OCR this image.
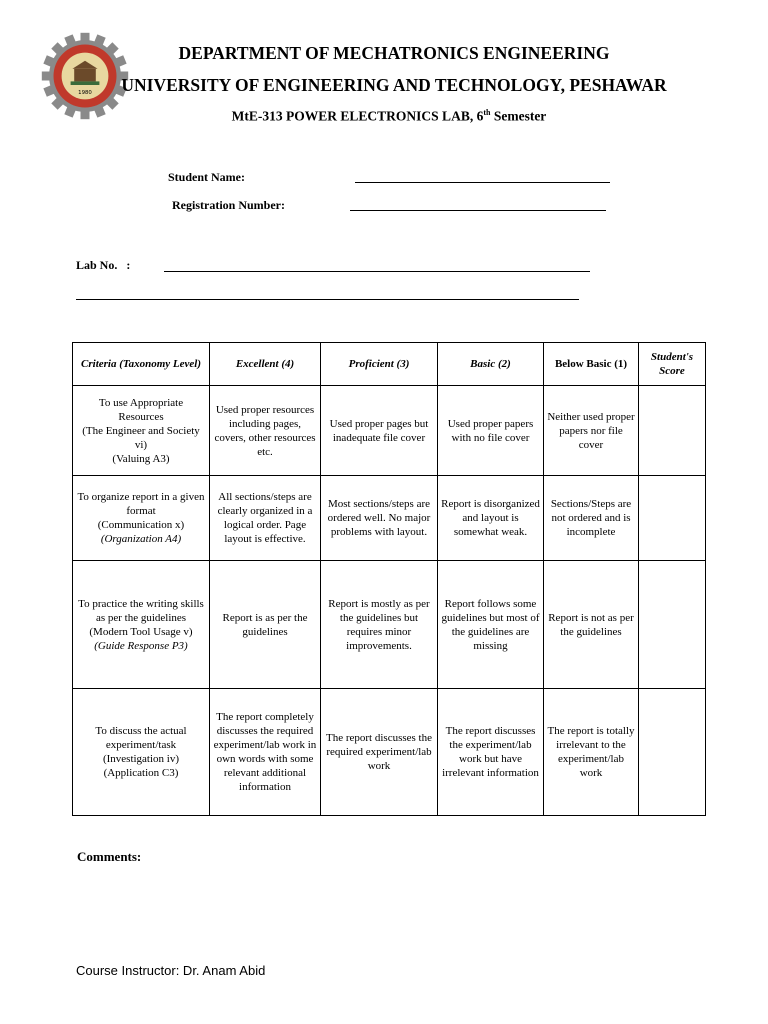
1980
DEPARTMENT OF MECHATRONICS ENGINEERING
UNIVERSITY OF ENGINEERING AND TECHNOLOGY, PESHAWAR
MtE-313 POWER ELECTRONICS LAB, 6th Semester
Student Name:
Registration Number:
Lab No.   :
Criteria (Taxonomy Level)	Excellent (4)	Proficient (3)	Basic (2)	Below Basic (1)	Student's Score

To use Appropriate Resources
(The Engineer and Society vi)
(Valuing A3)	Used proper resources including pages, covers, other resources etc.	Used proper pages but inadequate file cover	Used proper papers with no file cover	Neither used proper papers nor file cover	

To organize report in a given format
(Communication x)
(Organization A4)	All sections/steps are clearly organized in a logical order. Page layout is effective.	Most sections/steps are ordered well. No major problems with layout.	Report is disorganized and layout is somewhat weak.	Sections/Steps are not ordered and is incomplete	

To practice the writing skills as per the guidelines
(Modern Tool Usage v)
(Guide Response P3)	Report is as per the guidelines	Report is mostly as per the guidelines but requires minor improvements.	Report follows some guidelines but most of the guidelines are missing	Report is not as per the guidelines	

To discuss the actual experiment/task
(Investigation iv)
(Application C3)	The report completely discusses the required experiment/lab work in own words with some relevant additional information	The report discusses the required experiment/lab work	The report discusses the experiment/lab work but have irrelevant information	The report is totally irrelevant to the experiment/lab work	
Comments:
Course Instructor: Dr. Anam Abid
